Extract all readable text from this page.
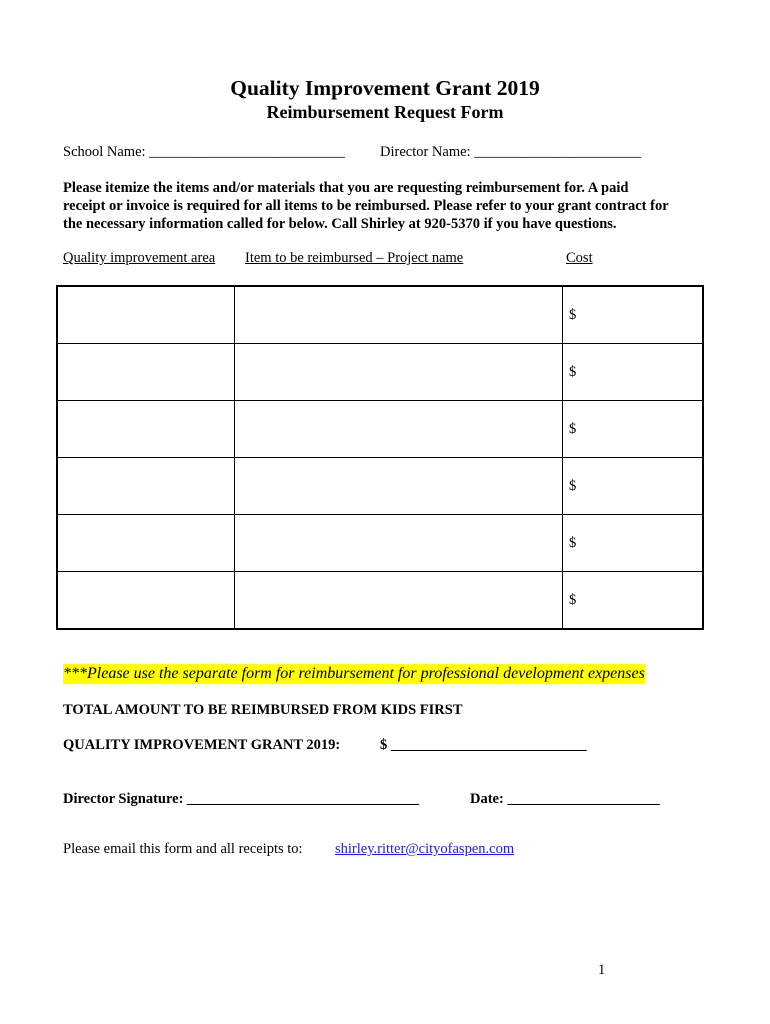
Quality Improvement Grant 2019
Reimbursement Request Form
School Name: ___________________________ Director Name: _______________________
Please itemize the items and/or materials that you are requesting reimbursement for. A paid
receipt or invoice is required for all items to be reimbursed. Please refer to your grant contract for
the necessary information called for below. Call Shirley at 920-5370 if you have questions.
Quality improvement area Item to be reimbursed – Project name	Cost
		$
		$
		$
		$
		$
		$
***Please use the separate form for reimbursement for professional development expenses
TOTAL AMOUNT TO BE REIMBURSED FROM KIDS FIRST
QUALITY IMPROVEMENT GRANT 2019:	$ ___________________________
Director Signature: ________________________________	Date: _____________________
Please email this form and all receipts to: shirley.ritter@cityofaspen.com
1
